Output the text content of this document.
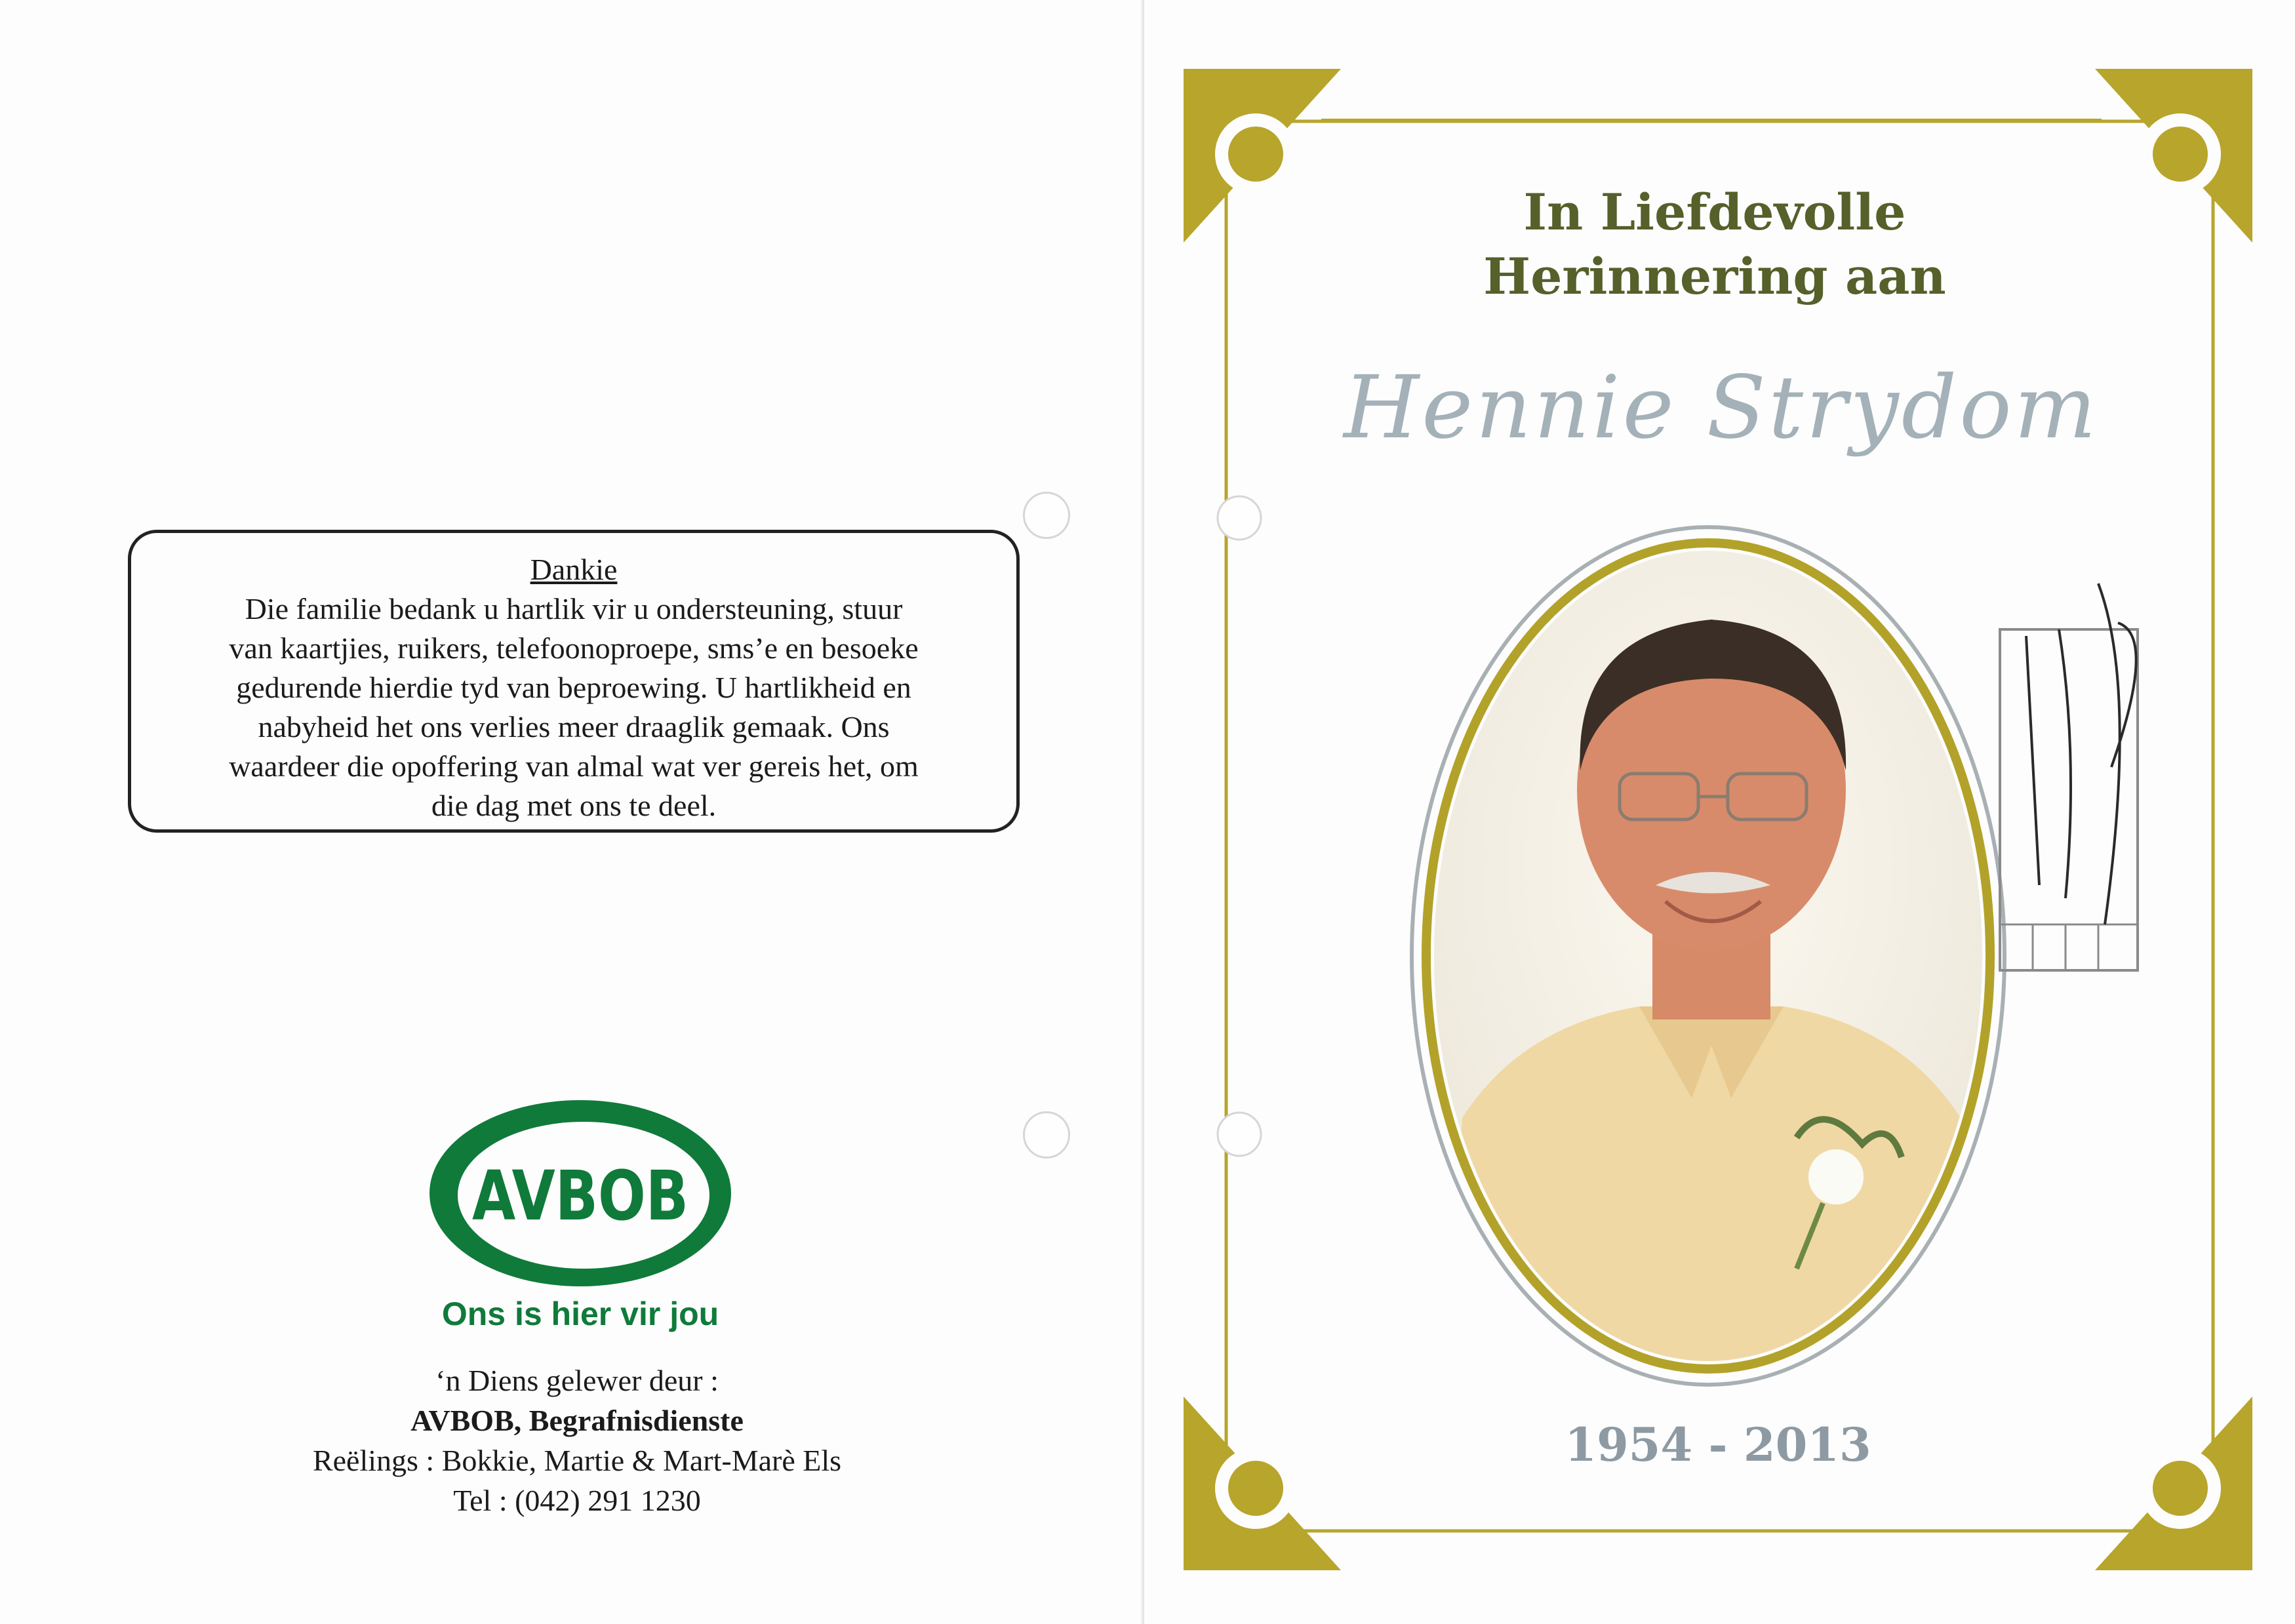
Dankie
Die familie bedank u hartlik vir u ondersteuning, stuur
van kaartjies, ruikers, telefoonoproepe, sms’e en besoeke
gedurende hierdie tyd van beproewing. U hartlikheid en
nabyheid het ons verlies meer draaglik gemaak. Ons
waardeer die opoffering van almal wat ver gereis het, om
die dag met ons te deel.
AVBOB
Ons is hier vir jou
‘n Diens gelewer deur :
AVBOB, Begrafnisdienste
Reëlings : Bokkie, Martie & Mart-Marè Els
Tel : (042) 291 1230
In Liefdevolle
Herinnering aan
Hennie Strydom
1954 - 2013
